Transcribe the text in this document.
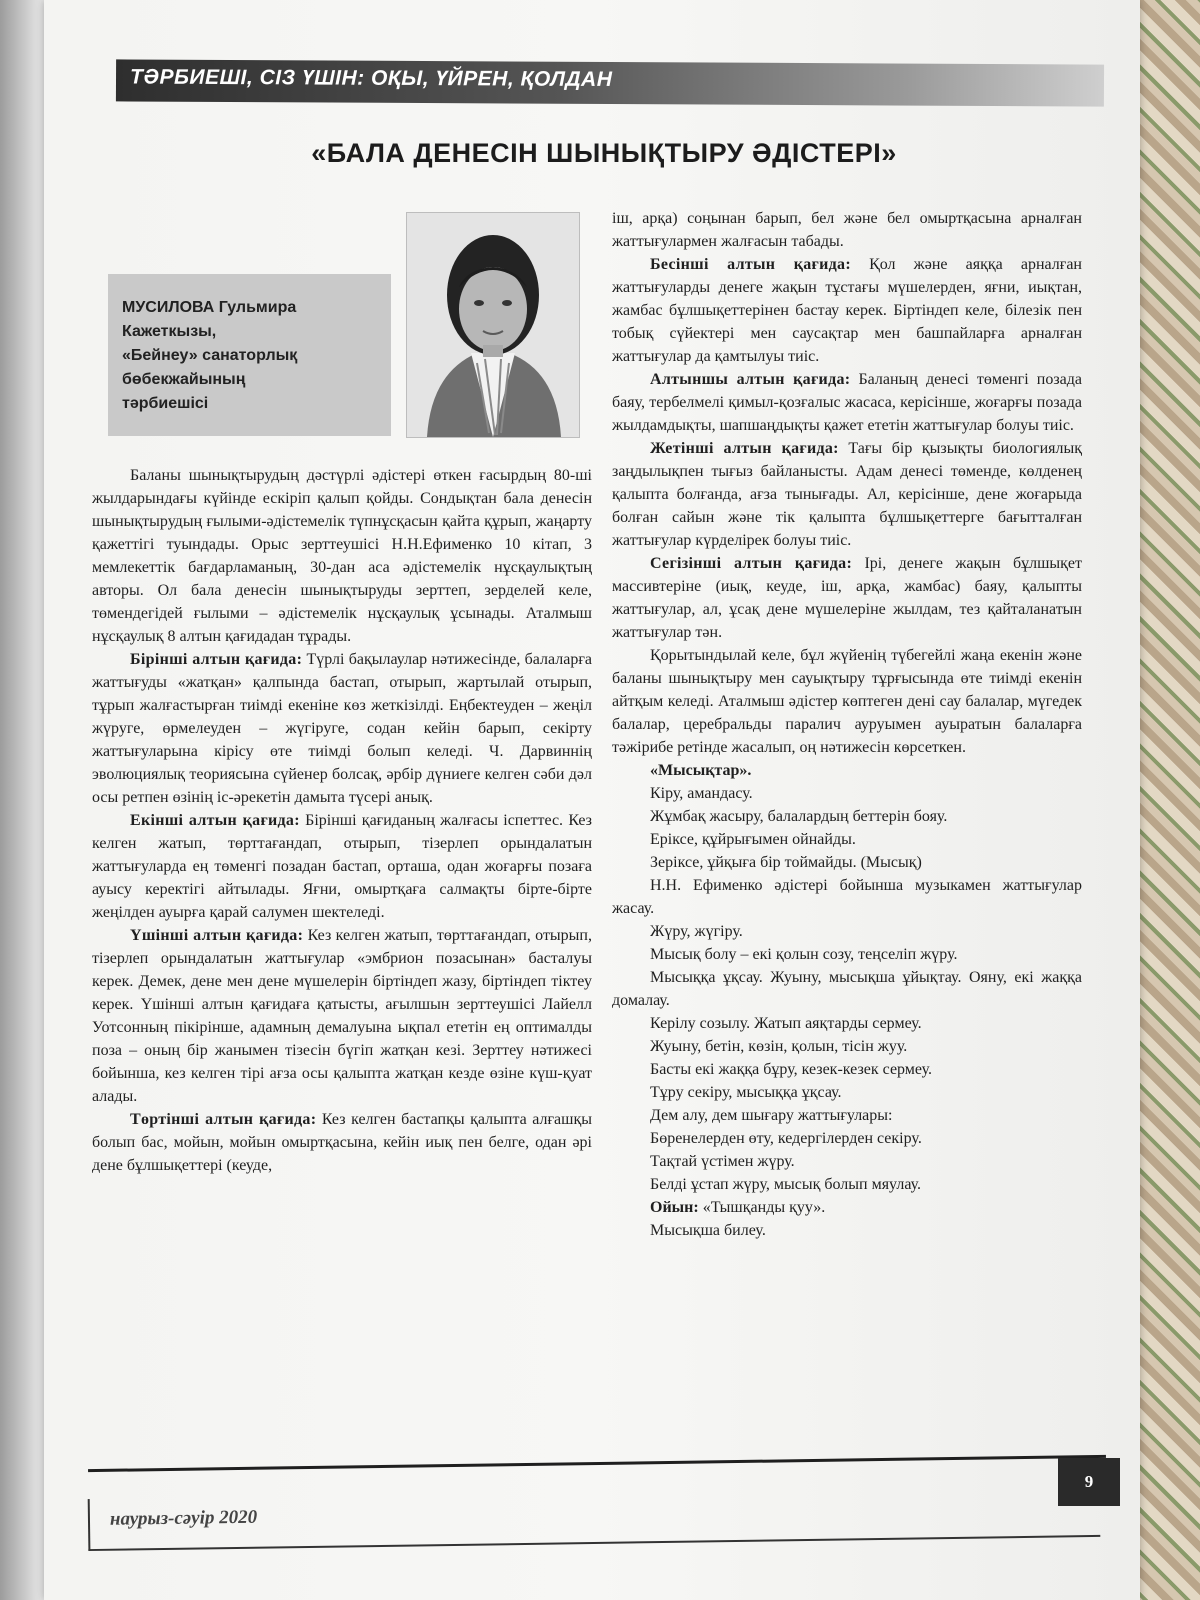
ТӘРБИЕШІ, СІЗ ҮШІН: ОҚЫ, ҮЙРЕН, ҚОЛДАН
«БАЛА ДЕНЕСІН ШЫНЫҚТЫРУ ӘДІСТЕРІ»
МУСИЛОВА Гульмира
Кажеткызы,
«Бейнеу» санаторлық
бөбекжайының
тәрбиешісі

Баланы шынықтырудың дәстүрлі әдістері өткен ғасырдың 80-ші жылдарындағы күйінде ескіріп қалып қойды. Сондықтан бала денесін шынықтырудың ғылыми-әдістемелік түпнұсқасын қайта құрып, жаңарту қажеттігі туындады. Орыс зерттеушісі Н.Н.Ефименко 10 кітап, 3 мемлекеттік бағдарламаның, 30-дан аса әдістемелік нұсқаулықтың авторы. Ол бала денесін шынықтыруды зерттеп, зерделей келе, төмендегідей ғылыми – әдістемелік нұсқаулық ұсынады. Аталмыш нұсқаулық 8 алтын қағидадан тұрады.

Бірінші алтын қағида: Түрлі бақылаулар нәтижесінде, балаларға жаттығуды «жатқан» қалпында бастап, отырып, жартылай отырып, тұрып жалғастырған тиімді екеніне көз жеткізілді. Еңбектеуден – жеңіл жүруге, өрмелеуден – жүгіруге, содан кейін барып, секірту жаттығуларына кірісу өте тиімді болып келеді. Ч. Дарвиннің эволюциялық теориясына сүйенер болсақ, әрбір дүниеге келген сәби дәл осы ретпен өзінің іс-әрекетін дамыта түсері анық.

Екінші алтын қағида: Бірінші қағиданың жалғасы іспеттес. Кез келген жатып, төрттағандап, отырып, тізерлеп орындалатын жаттығуларда ең төменгі позадан бастап, орташа, одан жоғарғы позаға ауысу керектігі айтылады. Яғни, омыртқаға салмақты бірте-бірте жеңілден ауырға қарай салумен шектеледі.

Үшінші алтын қағида: Кез келген жатып, төрттағандап, отырып, тізерлеп орындалатын жаттығулар «эмбрион позасынан» басталуы керек. Демек, дене мен дене мүшелерін біртіндеп жазу, біртіндеп тіктеу керек. Үшінші алтын қағидаға қатысты, ағылшын зерттеушісі Лайелл Уотсонның пікірінше, адамның демалуына ықпал ететін ең оптималды поза – оның бір жанымен тізесін бүгіп жатқан кезі. Зерттеу нәтижесі бойынша, кез келген тірі ағза осы қалыпта жатқан кезде өзіне күш-қуат алады.

Төртінші алтын қағида: Кез келген бастапқы қалыпта алғашқы болып бас, мойын, мойын омыртқасына, кейін иық пен белге, одан әрі дене бұлшықеттері (кеуде,

іш, арқа) соңынан барып, бел және бел омыртқасына арналған жаттығулармен жалғасын табады.

Бесінші алтын қағида: Қол және аяққа арналған жаттығуларды денеге жақын тұстағы мүшелерден, яғни, иықтан, жамбас бұлшықеттерінен бастау керек. Біртіндеп келе, білезік пен тобық сүйектері мен саусақтар мен башпайларға арналған жаттығулар да қамтылуы тиіс.

Алтыншы алтын қағида: Баланың денесі төменгі позада баяу, тербелмелі қимыл-қозғалыс жасаса, керісінше, жоғарғы позада жылдамдықты, шапшаңдықты қажет ететін жаттығулар болуы тиіс.

Жетінші алтын қағида: Тағы бір қызықты биологиялық заңдылықпен тығыз байланысты. Адам денесі төменде, көлденең қалыпта болғанда, ағза тынығады. Ал, керісінше, дене жоғарыда болған сайын және тік қалыпта бұлшықеттерге бағытталған жаттығулар күрделірек болуы тиіс.

Сегізінші алтын қағида: Ірі, денеге жақын бұлшықет массивтеріне (иық, кеуде, іш, арқа, жамбас) баяу, қалыпты жаттығулар, ал, ұсақ дене мүшелеріне жылдам, тез қайталанатын жаттығулар тән.

Қорытындылай келе, бұл жүйенің түбегейлі жаңа екенін және баланы шынықтыру мен сауықтыру тұрғысында өте тиімді екенін айтқым келеді. Аталмыш әдістер көптеген дені сау балалар, мүгедек балалар, церебральды паралич ауруымен ауыратын балаларға тәжірибе ретінде жасалып, оң нәтижесін көрсеткен.

«Мысықтар».

Кіру, амандасу.

Жұмбақ жасыру, балалардың беттерін бояу.

Еріксе, құйрығымен ойнайды.

Зеріксе, ұйқыға бір тоймайды. (Мысық)

Н.Н. Ефименко әдістері бойынша музыкамен жаттығулар жасау.

Жүру, жүгіру.

Мысық болу – екі қолын созу, теңселіп жүру.

Мысыққа ұқсау. Жуыну, мысықша ұйықтау. Ояну, екі жаққа домалау.

Керілу созылу. Жатып аяқтарды сермеу.

Жуыну, бетін, көзін, қолын, тісін жуу.

Басты екі жаққа бұру, кезек-кезек сермеу.

Тұру секіру, мысыққа ұқсау.

Дем алу, дем шығару жаттығулары:

Бөренелерден өту, кедергілерден секіру.

Тақтай үстімен жүру.

Белді ұстап жүру, мысық болып мяулау.

Ойын: «Тышқанды қуу».

Мысықша билеу.

наурыз-сәуір 2020
9
